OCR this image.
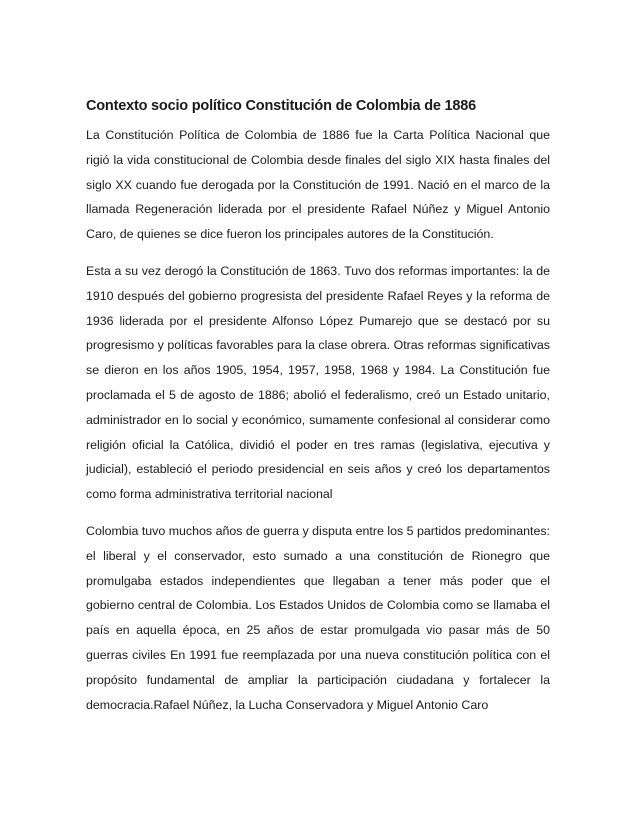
Contexto socio político Constitución de Colombia de 1886

La Constitución Política de Colombia de 1886 fue la Carta Política Nacional que rigió la vida constitucional de Colombia desde finales del siglo XIX hasta finales del siglo XX cuando fue derogada por la Constitución de 1991. Nació en el marco de la llamada Regeneración liderada por el presidente Rafael Núñez y Miguel Antonio Caro, de quienes se dice fueron los principales autores de la Constitución.

Esta a su vez derogó la Constitución de 1863. Tuvo dos reformas importantes: la de 1910 después del gobierno progresista del presidente Rafael Reyes y la reforma de 1936 liderada por el presidente Alfonso López Pumarejo que se destacó por su progresismo y políticas favorables para la clase obrera. Otras reformas significativas se dieron en los años 1905, 1954, 1957, 1958, 1968 y 1984. La Constitución fue proclamada el 5 de agosto de 1886; abolió el federalismo, creó un Estado unitario, administrador en lo social y económico, sumamente confesional al considerar como religión oficial la Católica, dividió el poder en tres ramas (legislativa, ejecutiva y judicial), estableció el periodo presidencial en seis años y creó los departamentos como forma administrativa territorial nacional

Colombia tuvo muchos años de guerra y disputa entre los 5 partidos predominantes: el liberal y el conservador, esto sumado a una constitución de Rionegro que promulgaba estados independientes que llegaban a tener más poder que el gobierno central de Colombia. Los Estados Unidos de Colombia como se llamaba el país en aquella época, en 25 años de estar promulgada vio pasar más de 50 guerras civiles En 1991 fue reemplazada por una nueva constitución política con el propósito fundamental de ampliar la participación ciudadana y fortalecer la democracia.Rafael Núñez, la Lucha Conservadora y Miguel Antonio Caro
